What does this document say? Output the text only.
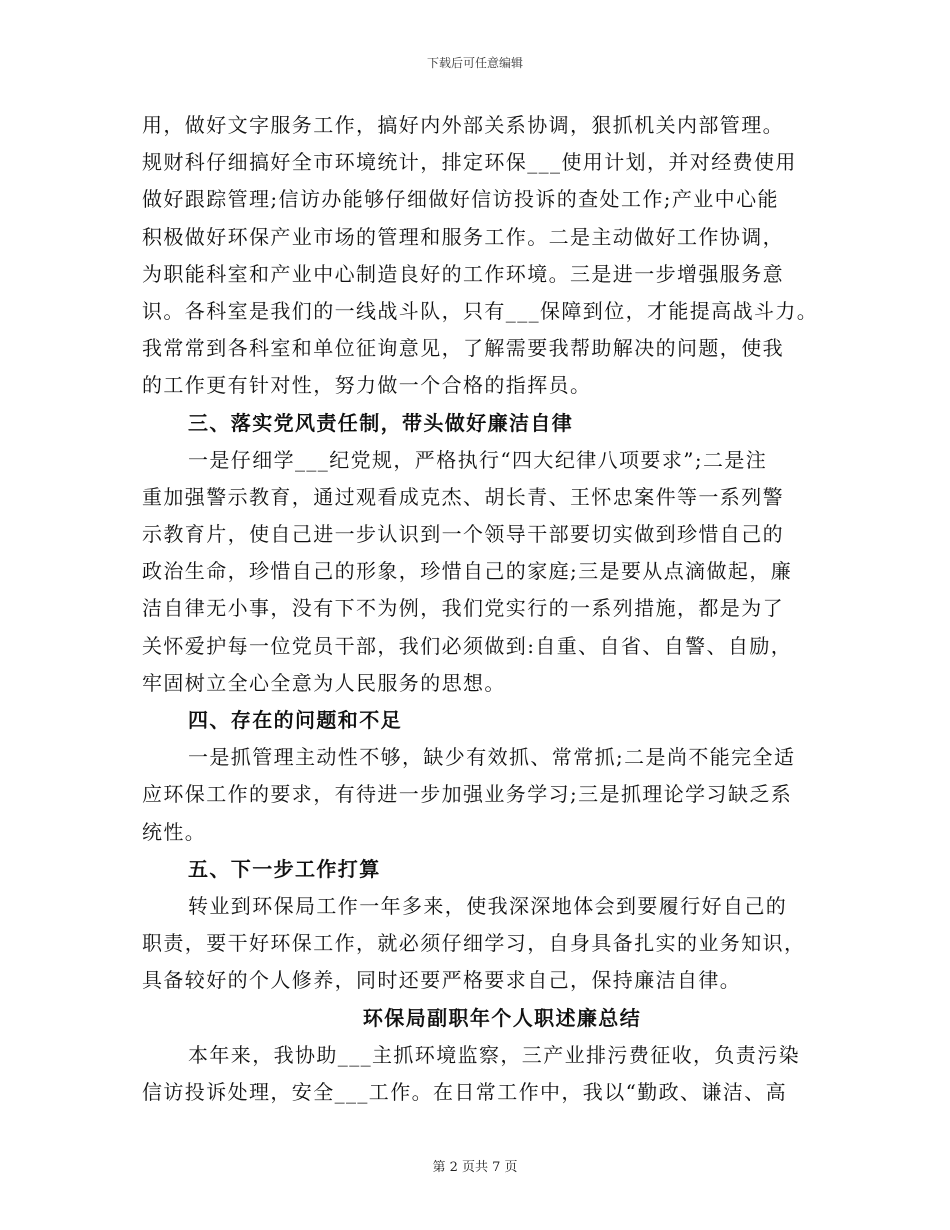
下载后可任意编辑
用，做好文字服务工作，搞好内外部关系协调，狠抓机关内部管理。
规财科仔细搞好全市环境统计，排定环保___使用计划，并对经费使用
做好跟踪管理;信访办能够仔细做好信访投诉的查处工作;产业中心能
积极做好环保产业市场的管理和服务工作。二是主动做好工作协调，
为职能科室和产业中心制造良好的工作环境。三是进一步增强服务意
识。各科室是我们的一线战斗队，只有___保障到位，才能提高战斗力。
我常常到各科室和单位征询意见，了解需要我帮助解决的问题，使我
的工作更有针对性，努力做一个合格的指挥员。
三、落实党风责任制，带头做好廉洁自律
一是仔细学___纪党规，严格执行“四大纪律八项要求”;二是注
重加强警示教育，通过观看成克杰、胡长青、王怀忠案件等一系列警
示教育片，使自己进一步认识到一个领导干部要切实做到珍惜自己的
政治生命，珍惜自己的形象，珍惜自己的家庭;三是要从点滴做起，廉
洁自律无小事，没有下不为例，我们党实行的一系列措施，都是为了
关怀爱护每一位党员干部，我们必须做到:自重、自省、自警、自励，
牢固树立全心全意为人民服务的思想。
四、存在的问题和不足
一是抓管理主动性不够，缺少有效抓、常常抓;二是尚不能完全适
应环保工作的要求，有待进一步加强业务学习;三是抓理论学习缺乏系
统性。
五、下一步工作打算
转业到环保局工作一年多来，使我深深地体会到要履行好自己的
职责，要干好环保工作，就必须仔细学习，自身具备扎实的业务知识，
具备较好的个人修养，同时还要严格要求自己，保持廉洁自律。
环保局副职年个人职述廉总结
本年来，我协助___主抓环境监察，三产业排污费征收，负责污染
信访投诉处理，安全___工作。在日常工作中，我以“勤政、谦洁、高
第 2 页共 7 页
